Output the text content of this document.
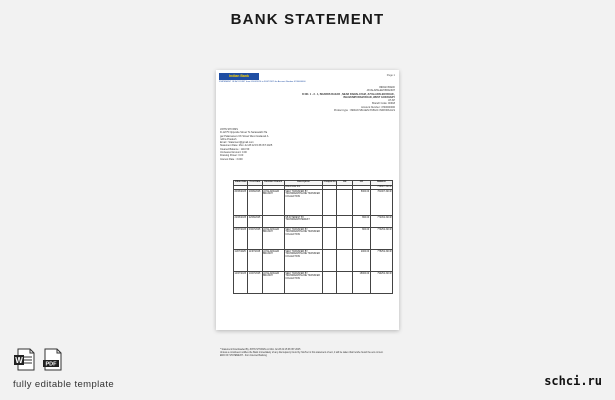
BANK STATEMENT
Indian Bank	Page 1
STATEMENT OF ACCOUNT from 01/04/2024 to 30/07/2025 for Account Number 4740000000
INDIAN BANK
JAYALAPALEM BRANCH
D NO. 1 - 3 - 1, BOARDS BAZAR , NEAR RAMALAYAM, JUYALAPALEM ROAD , BHAVANIPURAM ROAD, WEST GODAVARY
AT AP
Branch Code: 00918
Account Number: 4740000000
Product type : INDIAN SB-GEN PUBLIC INDIVIDUALS
JOHN SHYAMS
D-12/75 Opposite Street To Saraswathi Ha
gar Palamaneru Nh Street West Godavari A
ndhra Pradesh
Email : Statement@gmail.com
Statement Date: Mon Jul 28 22:15:38 IST 2025
Cleared Balance : 1110.59
Uncleared Amount: 0.00
Drawing Power: 0.00
Interest Rate : 3.000
Value Date	Post Date	Remitter Branch	Description	Cheque No	DR	CR	Balance
			BALANCE B/F				758807.32CR
20/06/2025	20/06/2025	JAYALAPALEM BRANCH	SELF TRANSFER BY TRANSFER/ONLINE TRANSFER COLLECTION			5000.00	761007.32CR
22/06/2025	22/06/2025		SB INTEREST BY TRANSFER/INTEREST			890.00	772452.32CR
03/07/2025	03/07/2025	JAYALAPALEM BRANCH	SELF TRANSFER BY TRANSFER/ONLINE TRANSFER COLLECTION			800.00	773252.32CR
11/07/2025	11/07/2025	JAYALAPALEM BRANCH	SELF TRANSFER BY TRANSFER/ONLINE TRANSFER COLLECTION			2000.00	775252.32CR
14/07/2025	14/07/2025	JAYALAPALEM BRANCH	SELF TRANSFER BY TRANSFER/ONLINE TRANSFER COLLECTION			15000.00	790252.32CR
* Statement Downloaded By JOHN SHYAMS on Mon Jul 28 22:15:38 IST 2025
Unless a constituent notifies the Bank immediately of any discrepancy found by him/her in this statement of acc, it will be taken that he/she found the acc correct.
END OF STATEMENT - from Internet Banking
W	PDF
fully editable template	schci.ru
